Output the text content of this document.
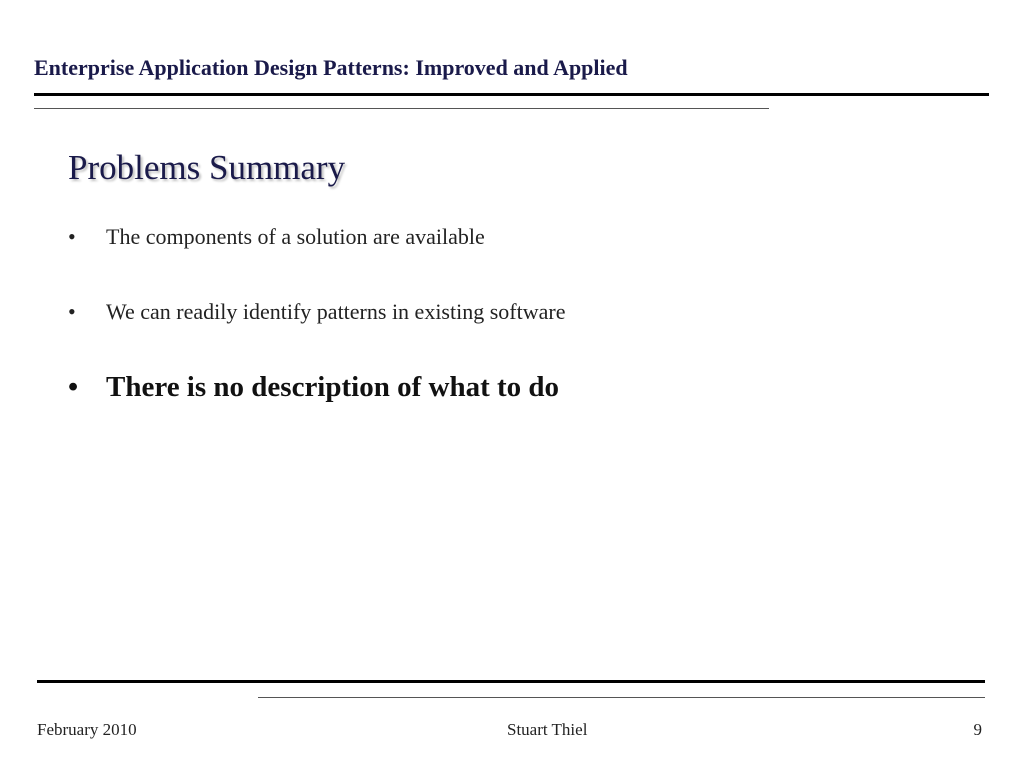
Enterprise Application Design Patterns: Improved and Applied
Problems Summary
• The components of a solution are available
• We can readily identify patterns in existing software
• There is no description of what to do
February 2010	Stuart Thiel	9
